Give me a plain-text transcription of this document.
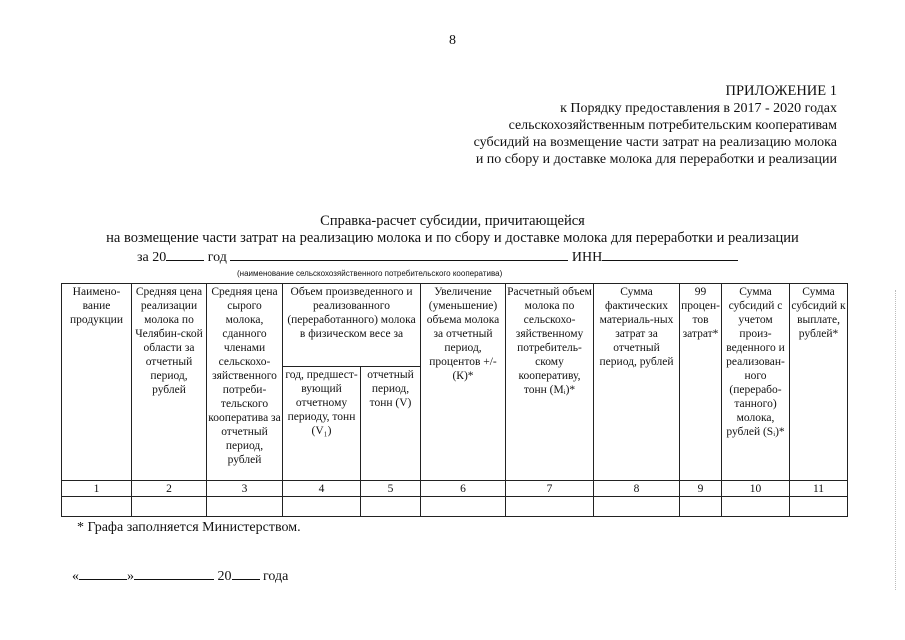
8
ПРИЛОЖЕНИЕ 1
к Порядку предоставления в 2017 - 2020 годах
сельскохозяйственным потребительским кооперативам
субсидий на возмещение части затрат на реализацию молока
и по сбору и доставке молока для переработки и реализации
Справка-расчет субсидии, причитающейся
на возмещение части затрат на реализацию молока и по сбору и доставке молока для переработки и реализации
за 20	год	ИНН
(наименование сельскохозяйственного потребительского кооператива)
Наимено-вание продукции	Средняя цена реализации молока по Челябин-ской области за отчетный период, рублей	Средняя цена сырого молока, сданного членами сельскохо-зяйственного потреби-тельского кооператива за отчетный период, рублей	Объем произведенного и реализованного (переработанного) молока в физическом весе за		Увеличение (уменьшение) объема молока за отчетный период, процентов +/- (К)*	Расчетный объем молока по сельскохо-зяйственному потребитель-скому кооперативу, тонн (Мᵢ)*	Сумма фактических материаль-ных затрат за отчетный период, рублей	99 процен-тов затрат*	Сумма субсидий с учетом произ-веденного и реализован-ного (перерабо-танного) молока, рублей (Sᵢ)*	Сумма субсидий к выплате, рублей*
			год, предшест-вующий отчетному периоду, тонн (V₁)	отчетный период, тонн (V)						
1	2	3	4	5	6	7	8	9	10	11

* Графа заполняется Министерством.
«	»	20 года
